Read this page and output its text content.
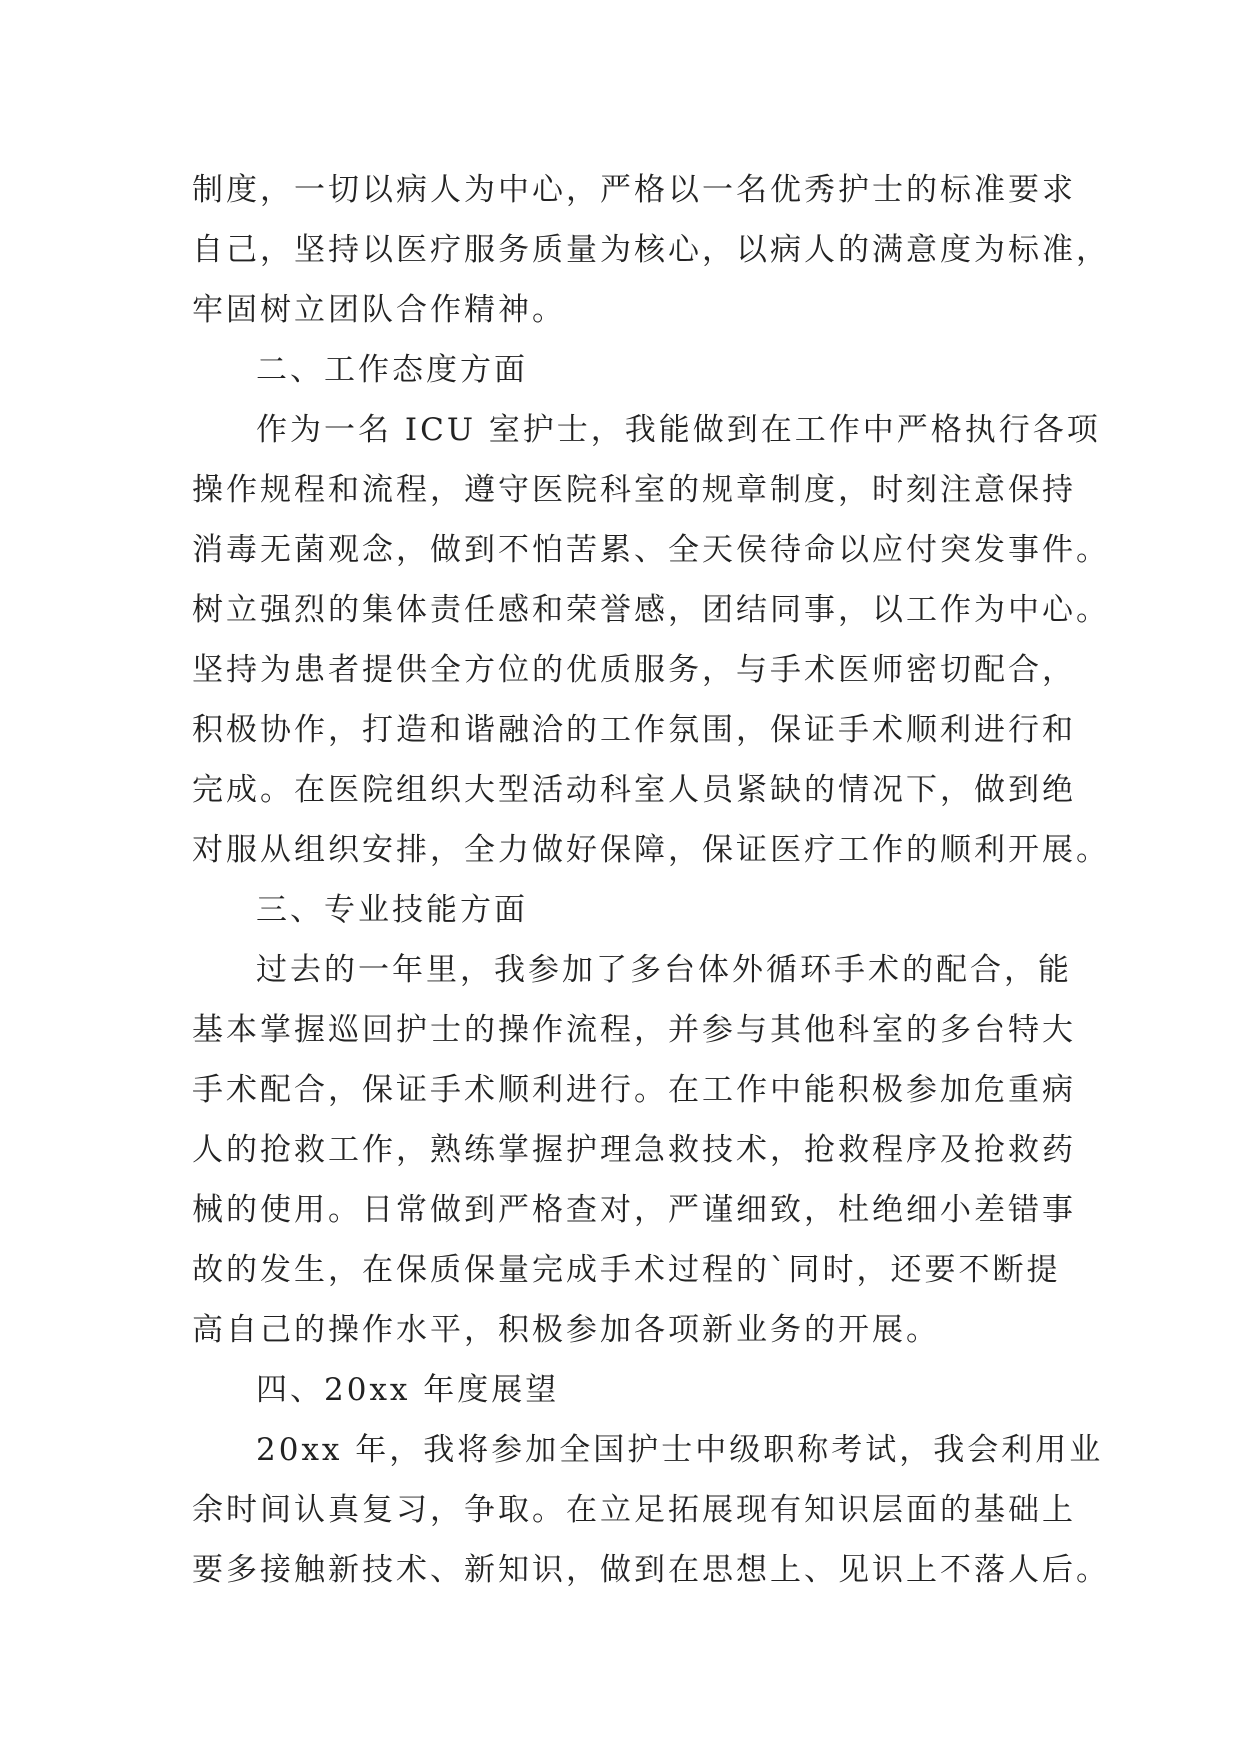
制度，一切以病人为中心，严格以一名优秀护士的标准要求
自己，坚持以医疗服务质量为核心，以病人的满意度为标准，
牢固树立团队合作精神。
二、工作态度方面
作为一名 ICU 室护士，我能做到在工作中严格执行各项
操作规程和流程，遵守医院科室的规章制度，时刻注意保持
消毒无菌观念，做到不怕苦累、全天侯待命以应付突发事件。
树立强烈的集体责任感和荣誉感，团结同事，以工作为中心。
坚持为患者提供全方位的优质服务，与手术医师密切配合，
积极协作，打造和谐融洽的工作氛围，保证手术顺利进行和
完成。在医院组织大型活动科室人员紧缺的情况下，做到绝
对服从组织安排，全力做好保障，保证医疗工作的顺利开展。
三、专业技能方面
过去的一年里，我参加了多台体外循环手术的配合，能
基本掌握巡回护士的操作流程，并参与其他科室的多台特大
手术配合，保证手术顺利进行。在工作中能积极参加危重病
人的抢救工作，熟练掌握护理急救技术，抢救程序及抢救药
械的使用。日常做到严格查对，严谨细致，杜绝细小差错事
故的发生，在保质保量完成手术过程的`同时，还要不断提
高自己的操作水平，积极参加各项新业务的开展。
四、20xx 年度展望
20xx 年，我将参加全国护士中级职称考试，我会利用业
余时间认真复习，争取。在立足拓展现有知识层面的基础上
要多接触新技术、新知识，做到在思想上、见识上不落人后。
